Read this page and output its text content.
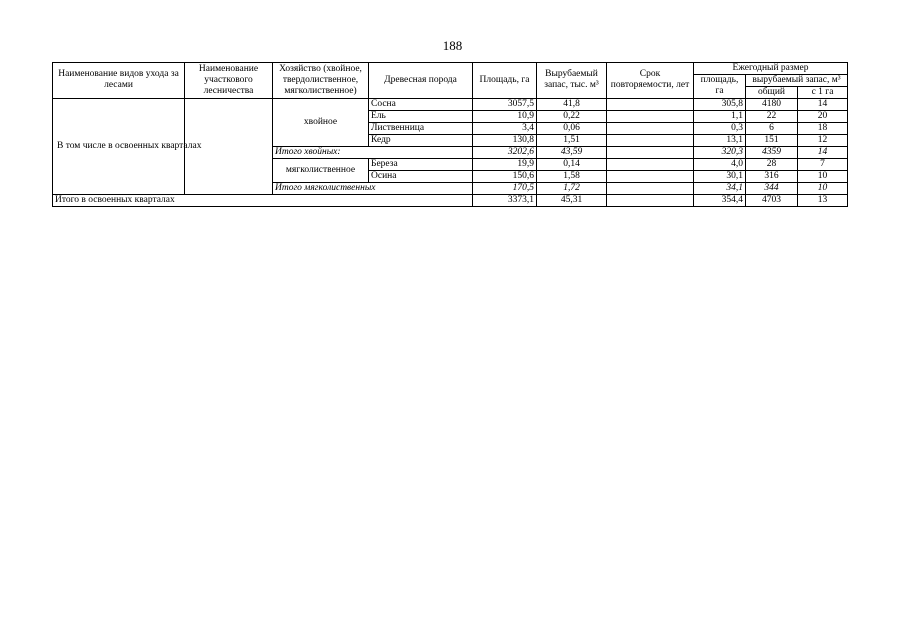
188
Наименование видов ухода за лесами	Наименование участкового лесничества	Хозяйство (хвойное, твердолиственное, мягколиственное)	Древесная порода	Площадь, га	Вырубаемый запас, тыс. м³	Срок повторяемости, лет	Ежегодный размер		
							площадь, га	вырубаемый запас, м³	
								общий	с 1 га
В том числе в освоенных кварталах		хвойное	Сосна	3057,5	41,8		305,8	4180	14
			Ель	10,9	0,22		1,1	22	20
			Лиственница	3,4	0,06		0,3	6	18
			Кедр	130,8	1,51		13,1	151	12
		Итого хвойных:		3202,6	43,59		320,3	4359	14
		мягколиственное	Береза	19,9	0,14		4,0	28	7
			Осина	150,6	1,58		30,1	316	10
		Итого мягколиственных		170,5	1,72		34,1	344	10
Итого в освоенных кварталах				3373,1	45,31		354,4	4703	13
